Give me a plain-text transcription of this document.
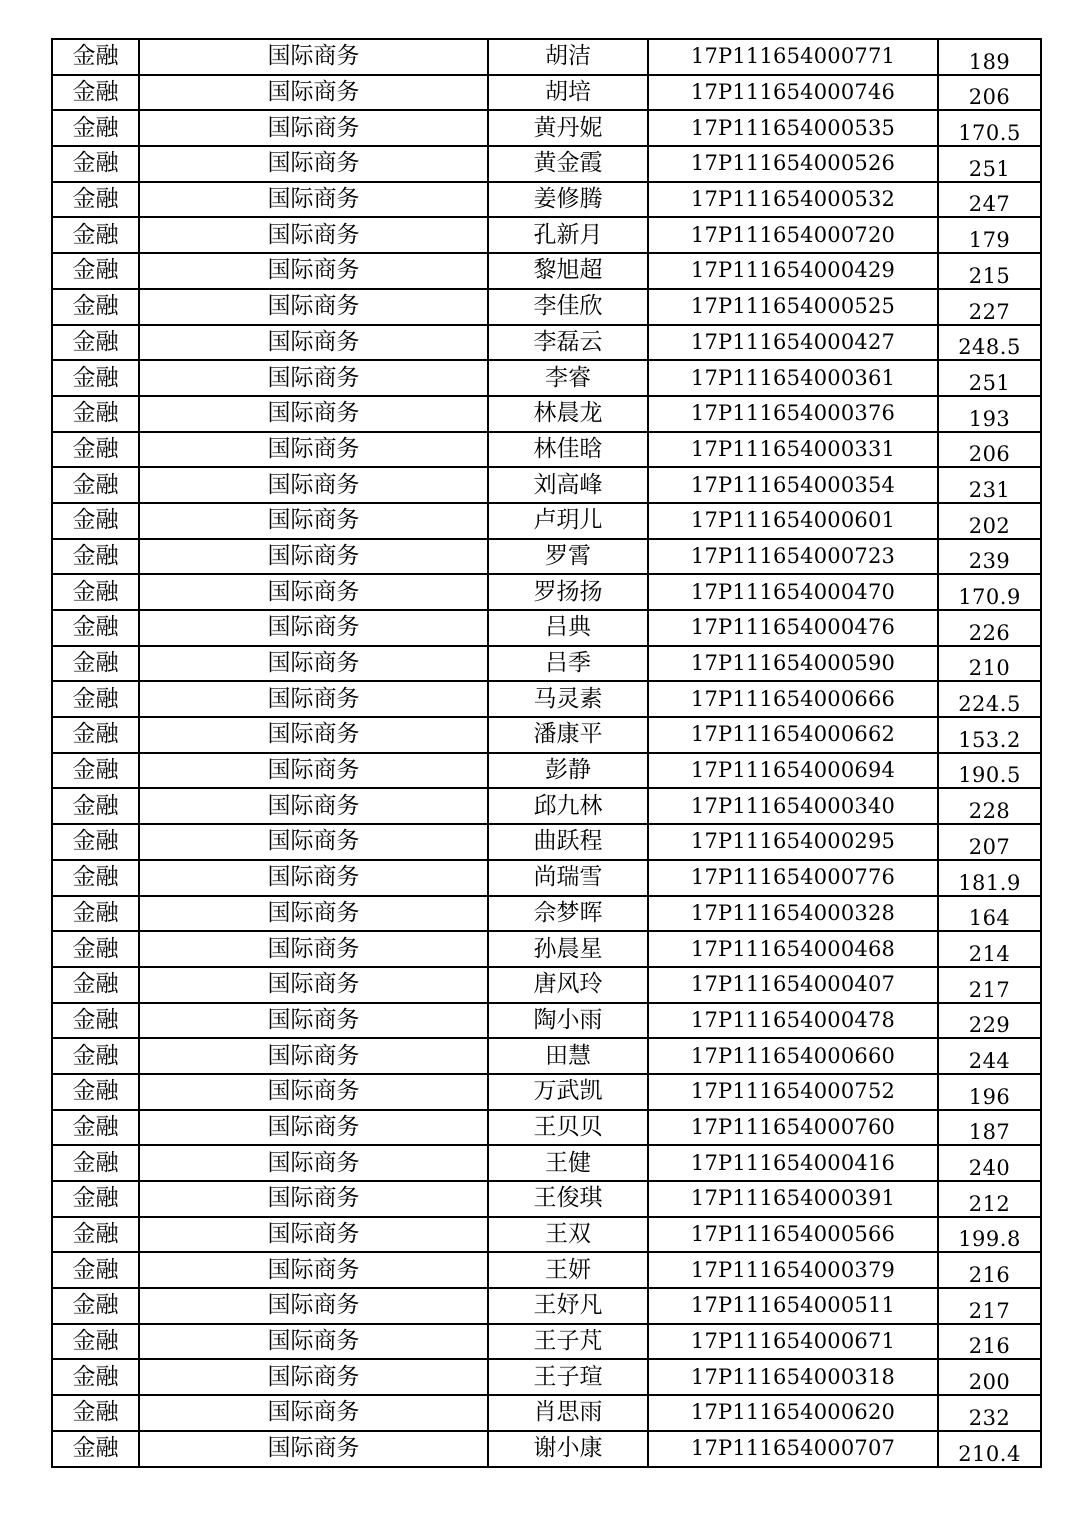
金融	国际商务	胡洁	17P111654000771	189
金融	国际商务	胡培	17P111654000746	206
金融	国际商务	黄丹妮	17P111654000535	170.5
金融	国际商务	黄金霞	17P111654000526	251
金融	国际商务	姜修腾	17P111654000532	247
金融	国际商务	孔新月	17P111654000720	179
金融	国际商务	黎旭超	17P111654000429	215
金融	国际商务	李佳欣	17P111654000525	227
金融	国际商务	李磊云	17P111654000427	248.5
金融	国际商务	李睿	17P111654000361	251
金融	国际商务	林晨龙	17P111654000376	193
金融	国际商务	林佳晗	17P111654000331	206
金融	国际商务	刘高峰	17P111654000354	231
金融	国际商务	卢玥儿	17P111654000601	202
金融	国际商务	罗霄	17P111654000723	239
金融	国际商务	罗扬扬	17P111654000470	170.9
金融	国际商务	吕典	17P111654000476	226
金融	国际商务	吕季	17P111654000590	210
金融	国际商务	马灵素	17P111654000666	224.5
金融	国际商务	潘康平	17P111654000662	153.2
金融	国际商务	彭静	17P111654000694	190.5
金融	国际商务	邱九林	17P111654000340	228
金融	国际商务	曲跃程	17P111654000295	207
金融	国际商务	尚瑞雪	17P111654000776	181.9
金融	国际商务	佘梦晖	17P111654000328	164
金融	国际商务	孙晨星	17P111654000468	214
金融	国际商务	唐风玲	17P111654000407	217
金融	国际商务	陶小雨	17P111654000478	229
金融	国际商务	田慧	17P111654000660	244
金融	国际商务	万武凯	17P111654000752	196
金融	国际商务	王贝贝	17P111654000760	187
金融	国际商务	王健	17P111654000416	240
金融	国际商务	王俊琪	17P111654000391	212
金融	国际商务	王双	17P111654000566	199.8
金融	国际商务	王妍	17P111654000379	216
金融	国际商务	王妤凡	17P111654000511	217
金融	国际商务	王子芃	17P111654000671	216
金融	国际商务	王子瑄	17P111654000318	200
金融	国际商务	肖思雨	17P111654000620	232
金融	国际商务	谢小康	17P111654000707	210.4
